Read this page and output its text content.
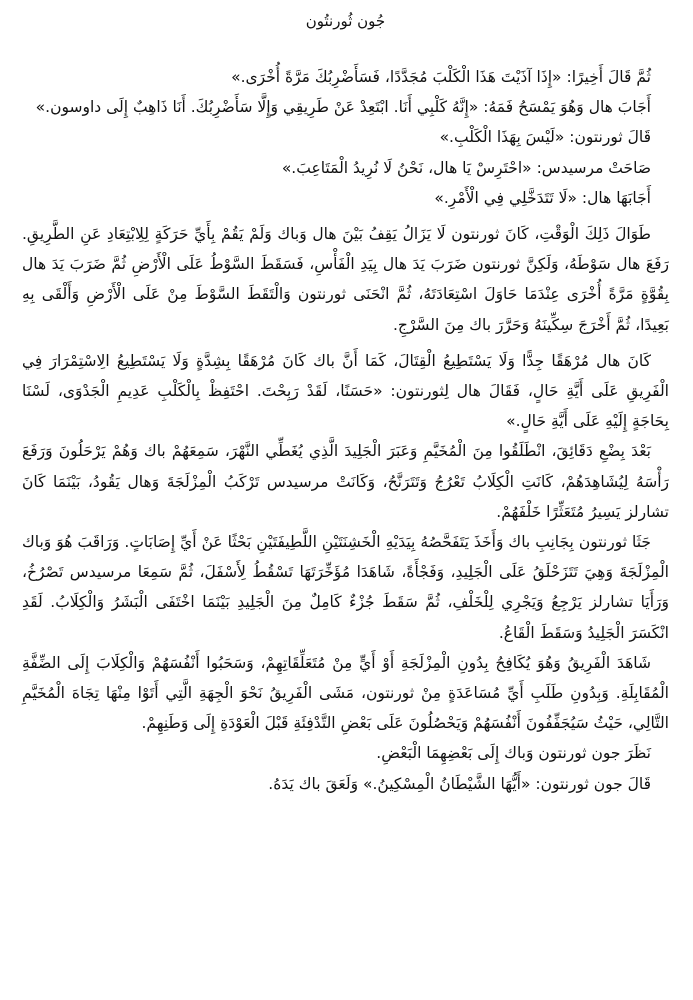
جُون ثُورنتُون

ثُمَّ قَالَ أَخِيرًا: «إِذَا آذَيْتَ هَذَا الْكَلْبَ مُجَدَّدًا، فَسَأَضْرِبُكَ مَرَّةً أُخْرَى.»

أَجَابَ هال وَهُوَ يَمْسَحُ فَمَهُ: «إِنَّهُ كَلْبِي أَنَا. ابْتَعِدْ عَنْ طَرِيقِي وَإِلَّا سَأَضْرِبُكَ. أَنَا ذَاهِبٌ إِلَى داوسون.»

قَالَ ثورنتون: «لَيْسَ بِهَذَا الْكَلْبِ.»

صَاحَتْ مرسيدس: «احْتَرِسْ يَا هال، نَحْنُ لَا نُرِيدُ الْمَتَاعِبَ.»

أَجَابَهَا هال: «لَا تَتَدَخَّلِي فِي الْأَمْرِ.»

طَوَالَ ذَلِكَ الْوَقْتِ، كَانَ ثورنتون لَا يَزَالُ يَقِفُ بَيْنَ هال وَباك وَلَمْ يَقُمْ بِأَيِّ حَرَكَةٍ لِلِابْتِعَادِ عَنِ الطَّرِيقِ. رَفَعَ هال سَوْطَهُ، وَلَكِنَّ ثورنتون ضَرَبَ يَدَ هال بِيَدِ الْفَأْسِ، فَسَقَطَ السَّوْطُ عَلَى الْأَرْضِ ثُمَّ ضَرَبَ يَدَ هال بِقُوَّةٍ مَرَّةً أُخْرَى عِنْدَمَا حَاوَلَ اسْتِعَادَتَهُ، ثُمَّ انْحَنَى ثورنتون وَالْتَقَطَ السَّوْطَ مِنْ عَلَى الْأَرْضِ وَأَلْقَى بِهِ بَعِيدًا، ثُمَّ أَخْرَجَ سِكِّينَهُ وَحَرَّرَ باك مِنَ السَّرْجِ.

كَانَ هال مُرْهَقًا جِدًّا وَلَا يَسْتَطِيعُ الْقِتَالَ، كَمَا أَنَّ باك كَانَ مُرْهَقًا بِشِدَّةٍ وَلَا يَسْتَطِيعُ الِاسْتِمْرَارَ فِي الْفَرِيقِ عَلَى أَيَّةِ حَالٍ، فَقَالَ هال لِثورنتون: «حَسَنًا، لَقَدْ رَبِحْتَ. احْتَفِظْ بِالْكَلْبِ عَدِيمِ الْجَدْوَى، لَسْنَا بِحَاجَةٍ إِلَيْهِ عَلَى أَيَّةِ حَالٍ.»

بَعْدَ بِضْعِ دَقَائِقَ، انْطَلَقُوا مِنَ الْمُخَيَّمِ وَعَبَرَ الْجَلِيدَ الَّذِي يُغَطِّي النَّهْرَ، سَمِعَهُمْ باك وَهُمْ يَرْحَلُونَ وَرَفَعَ رَأْسَهُ لِيُشَاهِدَهُمْ، كَانَتِ الْكِلَابُ تَعْرُجُ وَتَتَرَنَّحُ، وَكَانَتْ مرسيدس تَرْكَبُ الْمِزْلَجَةَ وَهال يَقُودُ، بَيْنَمَا كَانَ تشارلز يَسِيرُ مُتَعَثِّرًا خَلْفَهُمْ.

جَثَا ثورنتون بِجَانِبِ باك وَأَخَذَ يَتَفَحَّصُهُ بِيَدَيْهِ الْخَشِنَتَيْنِ اللَّطِيفَتَيْنِ بَحْثًا عَنْ أَيِّ إِصَابَاتٍ. وَرَاقَبَ هُوَ وَباك الْمِزْلَجَةَ وَهِيَ تَتَزَحْلَقُ عَلَى الْجَلِيدِ، وَفَجْأَةً، شَاهَدَا مُؤَخِّرَتَهَا تَسْقُطُ لِأَسْفَلَ، ثُمَّ سَمِعَا مرسيدس تَصْرُخُ، وَرَأَيَا تشارلز يَرْجِعُ وَيَجْرِي لِلْخَلْفِ، ثُمَّ سَقَطَ جُزْءٌ كَامِلٌ مِنَ الْجَلِيدِ بَيْنَمَا اخْتَفَى الْبَشَرُ وَالْكِلَابُ. لَقَدِ انْكَسَرَ الْجَلِيدُ وَسَقَطَ الْقَاعُ.

شَاهَدَ الْفَرِيقُ وَهُوَ يُكَافِحُ بِدُونِ الْمِزْلَجَةِ أَوْ أَيٍّ مِنْ مُتَعَلِّقَاتِهِمْ، وَسَحَبُوا أَنْفُسَهُمْ وَالْكِلَابَ إِلَى الضِّفَّةِ الْمُقَابِلَةِ. وَبِدُونِ طَلَبِ أَيِّ مُسَاعَدَةٍ مِنْ ثورنتون، مَشَى الْفَرِيقُ نَحْوَ الْجِهَةِ الَّتِي أَتَوْا مِنْهَا تِجَاهَ الْمُخَيَّمِ التَّالِي، حَيْثُ سَيُجَفِّفُونَ أَنْفُسَهُمْ وَيَحْصُلُونَ عَلَى بَعْضِ التَّدْفِئَةِ قَبْلَ الْعَوْدَةِ إِلَى وَطَنِهِمْ.

نَظَرَ جون ثورنتون وَباك إِلَى بَعْضِهِمَا الْبَعْضِ.

قَالَ جون ثورنتون: «أَيُّهَا الشَّيْطَانُ الْمِسْكِينُ.» وَلَعَقَ باك يَدَهُ.
